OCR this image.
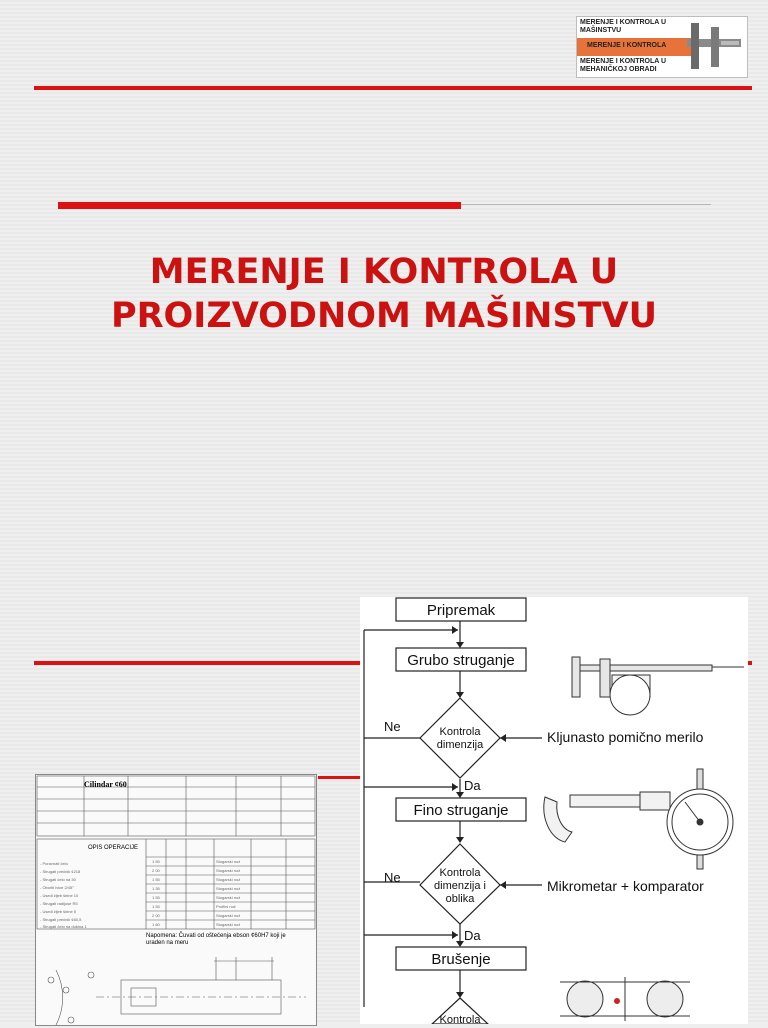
MERENJE I KONTROLA U MAŠINSTVU
MERENJE I KONTROLA
MERENJE I KONTROLA U MEHANIČKOJ OBRADI
MERENJE I KONTROLA U
PROIZVODNOM MAŠINSTVU
1 55
2 00
1 55
1 35
1 55
1 55
2 00
1 60
Stugarski nož
Stugarski nož
Stugarski nož
Stugarski nož
Stugarski nož
Profilni nož
Stugarski nož
Stugarski nož
- Poravnati čelo
- Strugati prečnik ¢218
- Strugati čelo na 30
- Oboriti ivice 2/45°
- Usedi žljeb širine 10
- Strugati radijuse R5
- Usedi žljeb širine 5
- Strugati prečnik ¢60,5
- Strugati čelo na dubina 1
Cilindar ¢60
OPIS OPERACIJE
Napomena: Čuvati od oštećenja ebson ¢60H7 koji je uraden na meru
Pripremak
Grubo struganje
Fino struganje
Brušenje
Kontrola
dimenzija
Kontrola
dimenzija i
oblika
Kontrola
Ne
Da
Ne
Da
Kljunasto pomično merilo
Mikrometar + komparator
